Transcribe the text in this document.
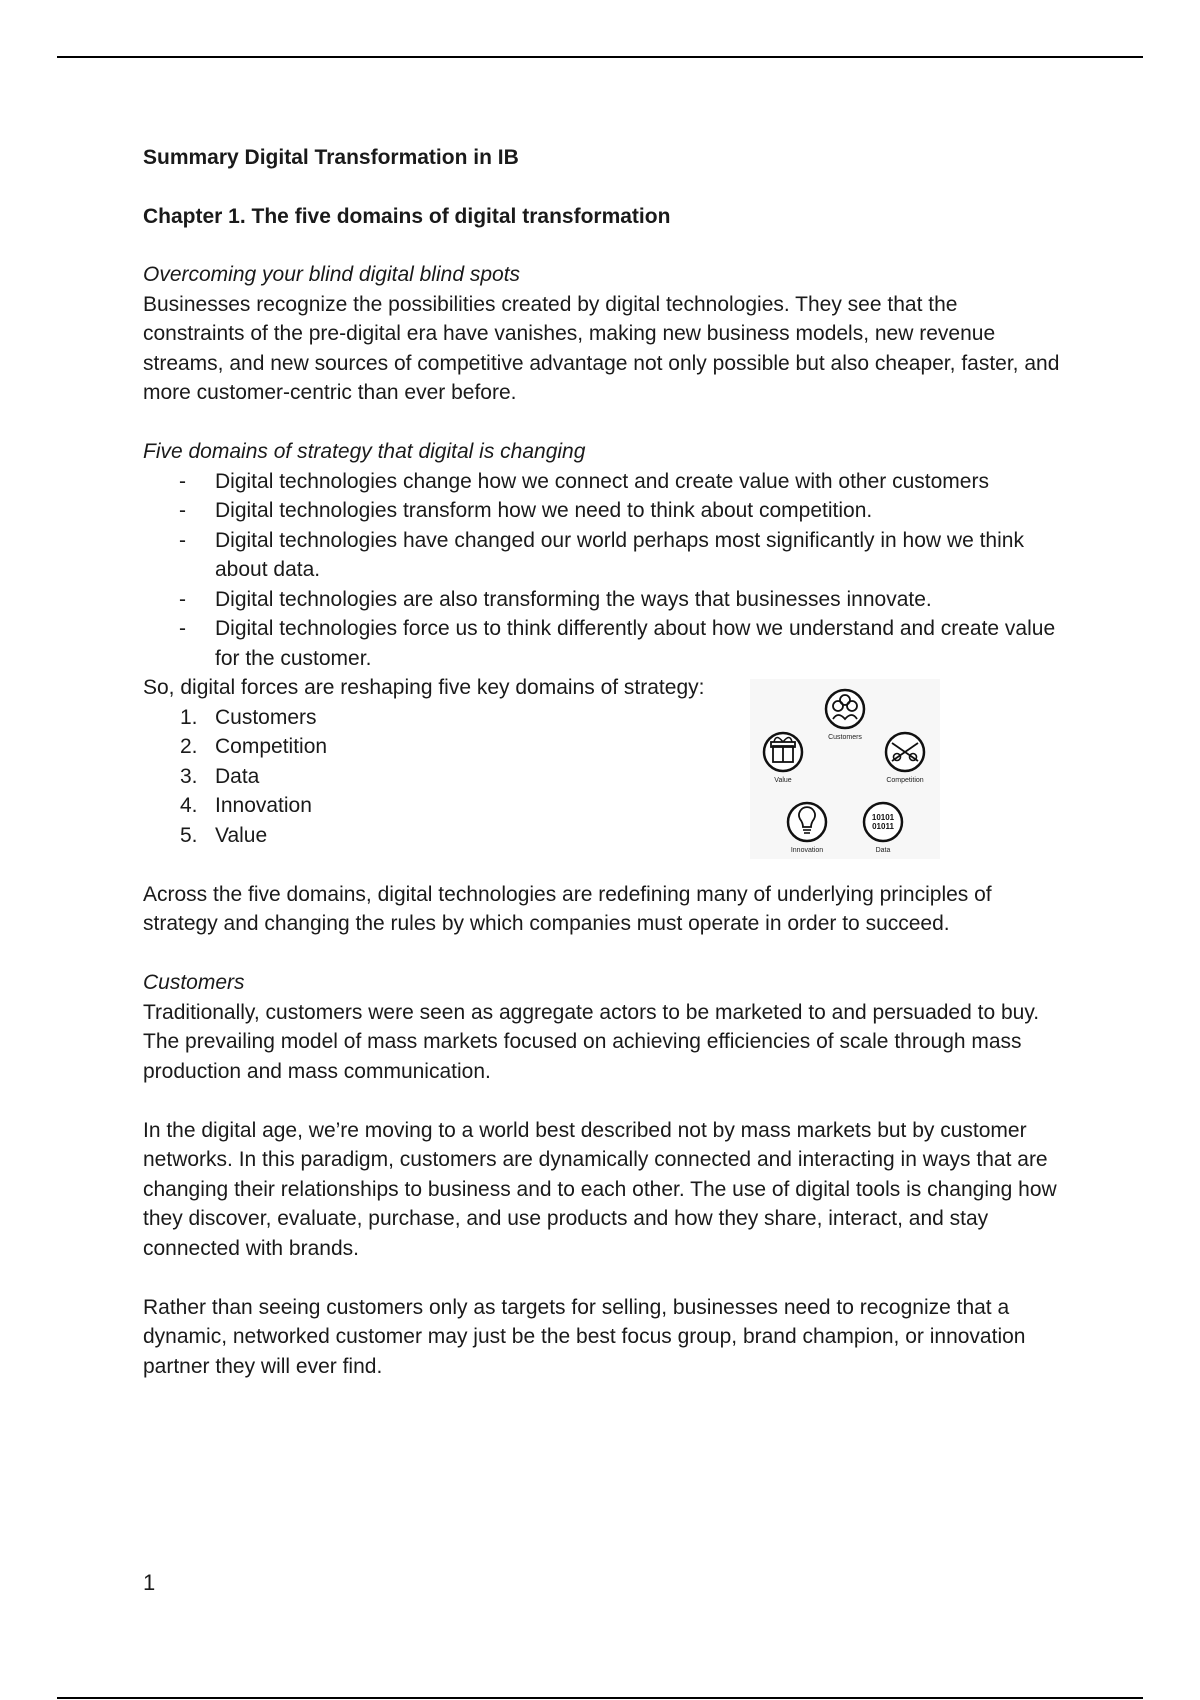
Summary Digital Transformation in IB

Chapter 1. The five domains of digital transformation

Overcoming your blind digital blind spots

Businesses recognize the possibilities created by digital technologies. They see that the constraints of the pre-digital era have vanishes, making new business models, new revenue streams, and new sources of competitive advantage not only possible but also cheaper, faster, and more customer-centric than ever before.

Five domains of strategy that digital is changing

- Digital technologies change how we connect and create value with other customers
- Digital technologies transform how we need to think about competition.
- Digital technologies have changed our world perhaps most significantly in how we think about data.
- Digital technologies are also transforming the ways that businesses innovate.
- Digital technologies force us to think differently about how we understand and create value for the customer.

So, digital forces are reshaping five key domains of strategy:

1. Customers
2. Competition
3. Data
4. Innovation
5. Value
Customers
Value	Competition
Innovation
10101
01011
Data

Across the five domains, digital technologies are redefining many of underlying principles of strategy and changing the rules by which companies must operate in order to succeed.

Customers

Traditionally, customers were seen as aggregate actors to be marketed to and persuaded to buy. The prevailing model of mass markets focused on achieving efficiencies of scale through mass production and mass communication.

In the digital age, we’re moving to a world best described not by mass markets but by customer networks. In this paradigm, customers are dynamically connected and interacting in ways that are changing their relationships to business and to each other. The use of digital tools is changing how they discover, evaluate, purchase, and use products and how they share, interact, and stay connected with brands.

Rather than seeing customers only as targets for selling, businesses need to recognize that a dynamic, networked customer may just be the best focus group, brand champion, or innovation partner they will ever find.

1
